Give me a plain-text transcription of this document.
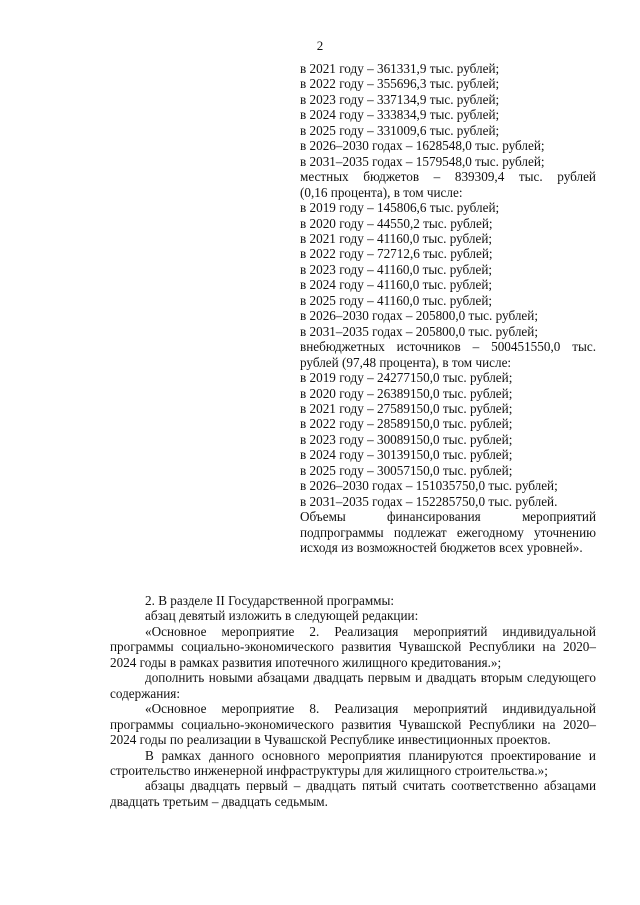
2
в 2021 году – 361331,9 тыс. рублей;
в 2022 году – 355696,3 тыс. рублей;
в 2023 году – 337134,9 тыс. рублей;
в 2024 году – 333834,9 тыс. рублей;
в 2025 году – 331009,6 тыс. рублей;
в 2026–2030 годах – 1628548,0 тыс. рублей;
в 2031–2035 годах – 1579548,0 тыс. рублей;
местных бюджетов – 839309,4 тыс. рублей
(0,16 процента), в том числе:
в 2019 году – 145806,6 тыс. рублей;
в 2020 году – 44550,2 тыс. рублей;
в 2021 году – 41160,0 тыс. рублей;
в 2022 году – 72712,6 тыс. рублей;
в 2023 году – 41160,0 тыс. рублей;
в 2024 году – 41160,0 тыс. рублей;
в 2025 году – 41160,0 тыс. рублей;
в 2026–2030 годах – 205800,0 тыс. рублей;
в 2031–2035 годах – 205800,0 тыс. рублей;
внебюджетных источников – 500451550,0 тыс.
рублей (97,48 процента), в том числе:
в 2019 году – 24277150,0 тыс. рублей;
в 2020 году – 26389150,0 тыс. рублей;
в 2021 году – 27589150,0 тыс. рублей;
в 2022 году – 28589150,0 тыс. рублей;
в 2023 году – 30089150,0 тыс. рублей;
в 2024 году – 30139150,0 тыс. рублей;
в 2025 году – 30057150,0 тыс. рублей;
в 2026–2030 годах – 151035750,0 тыс. рублей;
в 2031–2035 годах – 152285750,0 тыс. рублей.
Объемы финансирования мероприятий подпрограммы подлежат ежегодному уточнению исходя из возможностей бюджетов всех уровней».

2. В разделе II Государственной программы:

абзац девятый изложить в следующей редакции:

«Основное мероприятие 2. Реализация мероприятий индивидуальной программы социально-экономического развития Чувашской Республики на 2020–2024 годы в рамках развития ипотечного жилищного кредитования.»;

дополнить новыми абзацами двадцать первым и двадцать вторым следующего содержания:

«Основное мероприятие 8. Реализация мероприятий индивидуальной программы социально-экономического развития Чувашской Республики на 2020–2024 годы по реализации в Чувашской Республике инвестиционных проектов.

В рамках данного основного мероприятия планируются проектирование и строительство инженерной инфраструктуры для жилищного строительства.»;

абзацы двадцать первый – двадцать пятый считать соответственно абзацами двадцать третьим – двадцать седьмым.
